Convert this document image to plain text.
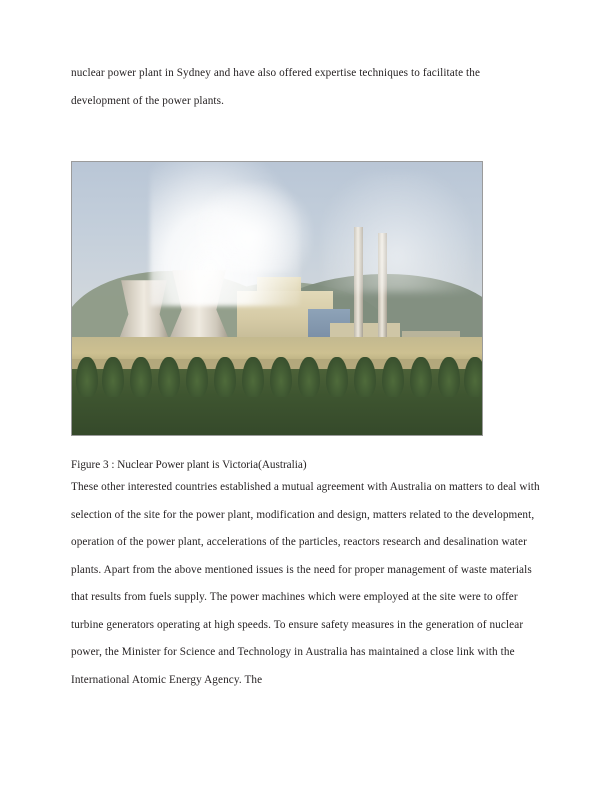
nuclear power plant in Sydney and have also offered expertise techniques to facilitate the development of the power plants.

Figure 3 : Nuclear Power plant is Victoria(Australia)

These other interested countries established a mutual agreement with Australia on matters to deal with selection of the site for the power plant, modification and design, matters related to the development, operation of the power plant, accelerations of the particles, reactors research and desalination water plants. Apart from the above mentioned issues is the need for proper management of waste materials that results from fuels supply. The power machines which were employed at the site were to offer turbine generators operating at high speeds. To ensure safety measures in the generation of nuclear power, the Minister for Science and Technology in Australia has maintained a close link with the International Atomic Energy Agency. The
